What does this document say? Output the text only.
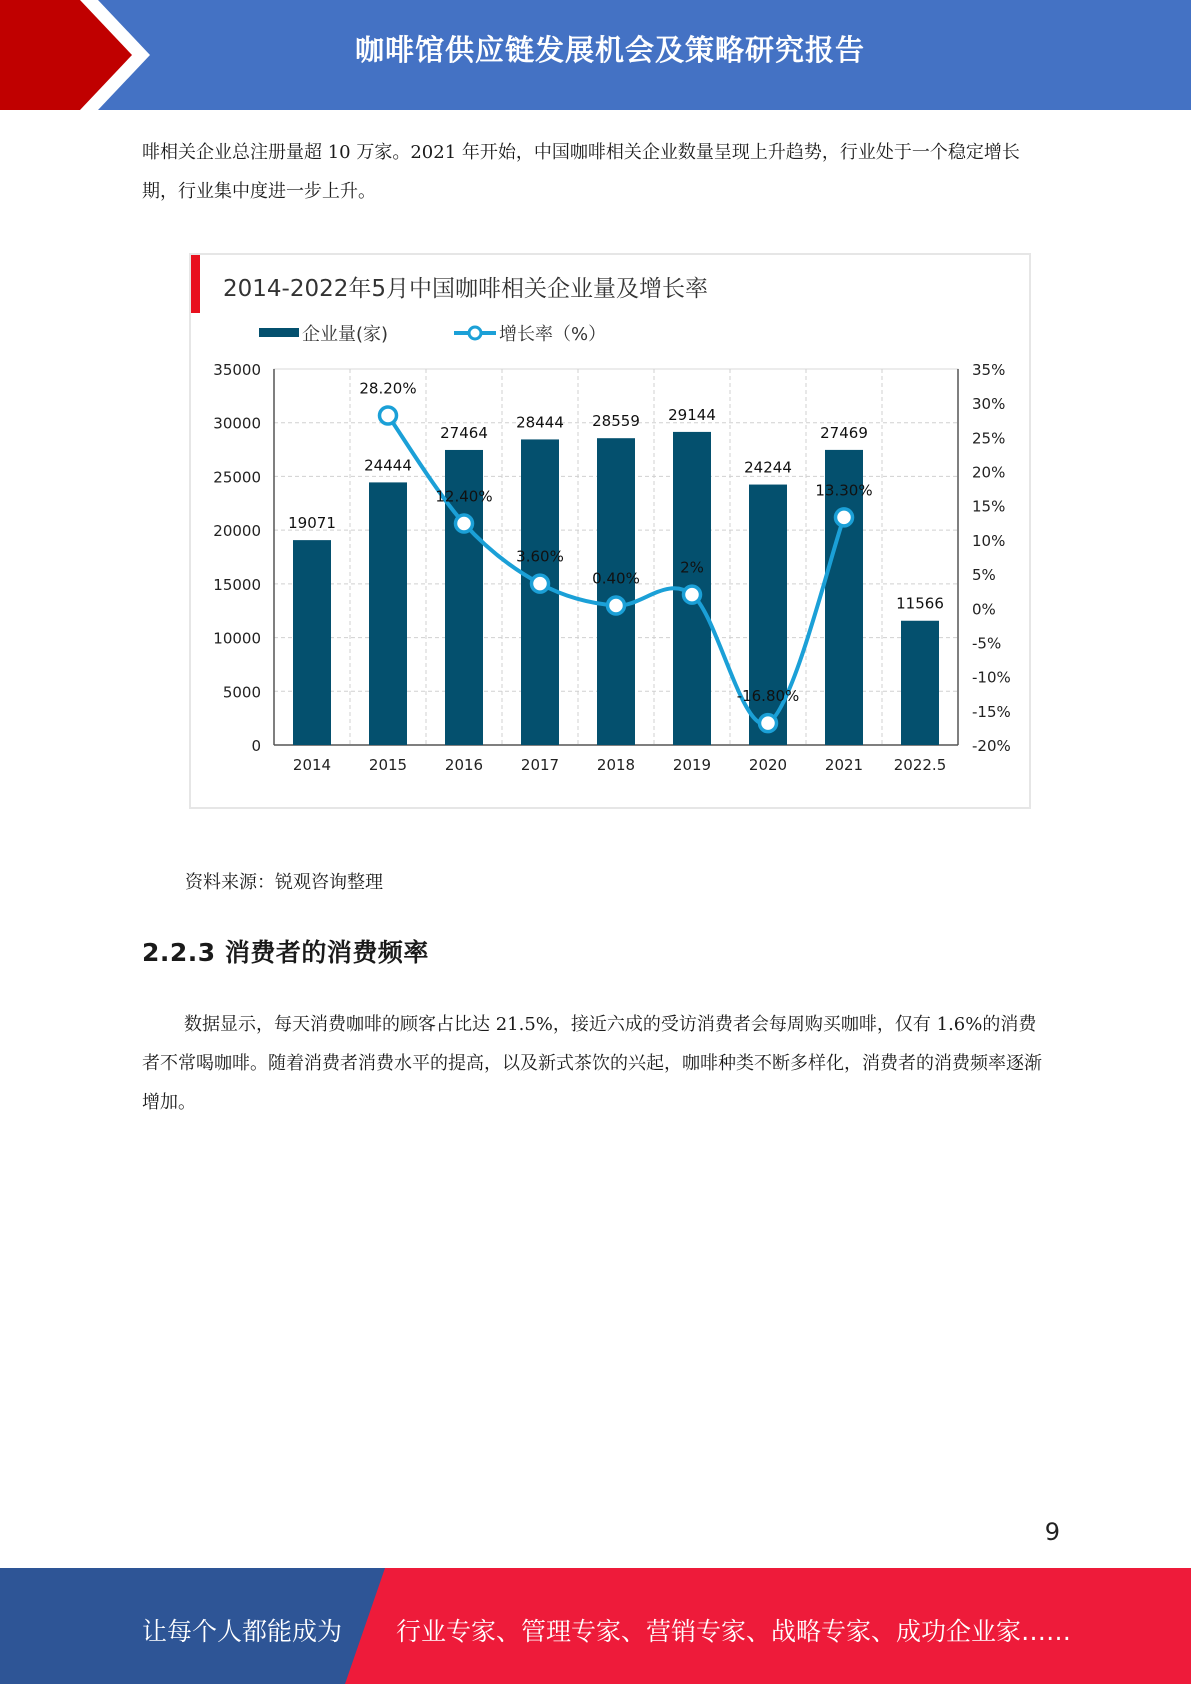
咖啡馆供应链发展机会及策略研究报告

啡相关企业总注册量超 10 万家。2021 年开始，中国咖啡相关企业数量呈现上升趋势，行业处于一个稳定增长期，行业集中度进一步上升。

2014-2022年5月中国咖啡相关企业量及增长率
企业量(家)	增长率（%）
0
5000
10000
15000
20000
25000
30000
35000
-20%
-15%
-10%
-5%
0%
5%
10%
15%
20%
25%
30%
35%
19071
2014
24444
2015
27464
2016
28444
2017
28559
2018
29144
2019
24244
2020
27469
2021
11566
2022.5
28.20%
12.40%
3.60%
0.40%
2%
-16.80%
13.30%

资料来源：锐观咨询整理

2.2.3 消费者的消费频率

数据显示，每天消费咖啡的顾客占比达 21.5%，接近六成的受访消费者会每周购买咖啡，仅有 1.6%的消费者不常喝咖啡。随着消费者消费水平的提高，以及新式茶饮的兴起，咖啡种类不断多样化，消费者的消费频率逐渐增加。

9
让每个人都能成为 行业专家、管理专家、营销专家、战略专家、成功企业家……
